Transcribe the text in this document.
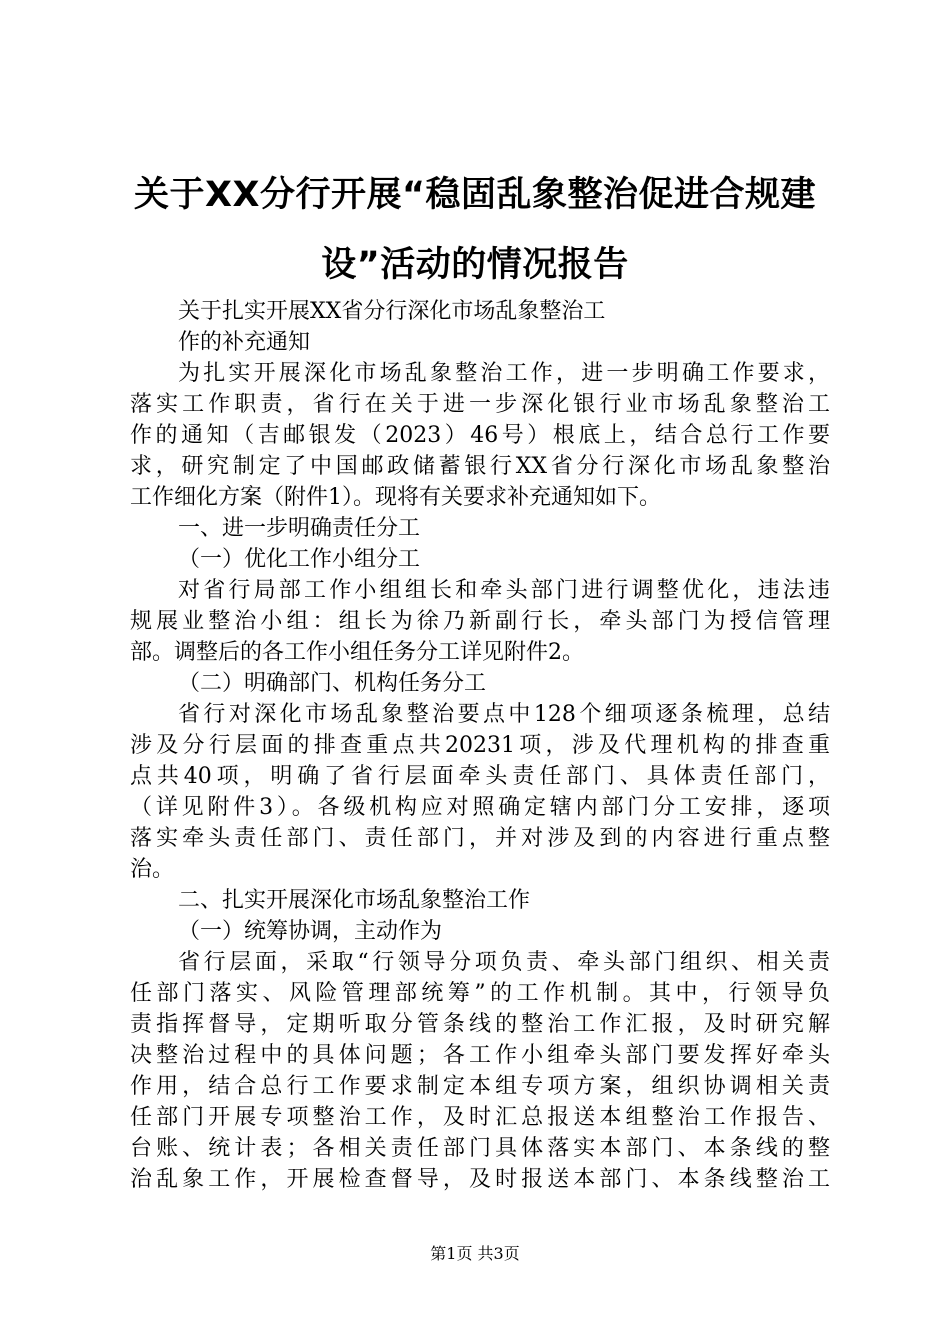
关于XX分行开展“稳固乱象整治促进合规建
设”活动的情况报告
关于扎实开展XX省分行深化市场乱象整治工
作的补充通知
为扎实开展深化市场乱象整治工作，进一步明确工作要求，
落实工作职责，省行在关于进一步深化银行业市场乱象整治工
作的通知（吉邮银发（2023）46号）根底上，结合总行工作要
求，研究制定了中国邮政储蓄银行XX省分行深化市场乱象整治
工作细化方案（附件1）。现将有关要求补充通知如下。
一、进一步明确责任分工
（一）优化工作小组分工
对省行局部工作小组组长和牵头部门进行调整优化，违法违
规展业整治小组：组长为徐乃新副行长，牵头部门为授信管理
部。调整后的各工作小组任务分工详见附件2。
（二）明确部门、机构任务分工
省行对深化市场乱象整治要点中128个细项逐条梳理，总结
涉及分行层面的排查重点共20231项，涉及代理机构的排查重
点共40项，明确了省行层面牵头责任部门、具体责任部门，
（详见附件3）。各级机构应对照确定辖内部门分工安排，逐项
落实牵头责任部门、责任部门，并对涉及到的内容进行重点整
治。
二、扎实开展深化市场乱象整治工作
（一）统筹协调，主动作为
省行层面，采取“行领导分项负责、牵头部门组织、相关责
任部门落实、风险管理部统筹”的工作机制。其中，行领导负
责指挥督导，定期听取分管条线的整治工作汇报，及时研究解
决整治过程中的具体问题；各工作小组牵头部门要发挥好牵头
作用，结合总行工作要求制定本组专项方案，组织协调相关责
任部门开展专项整治工作，及时汇总报送本组整治工作报告、
台账、统计表；各相关责任部门具体落实本部门、本条线的整
治乱象工作，开展检查督导，及时报送本部门、本条线整治工
第1页 共3页
